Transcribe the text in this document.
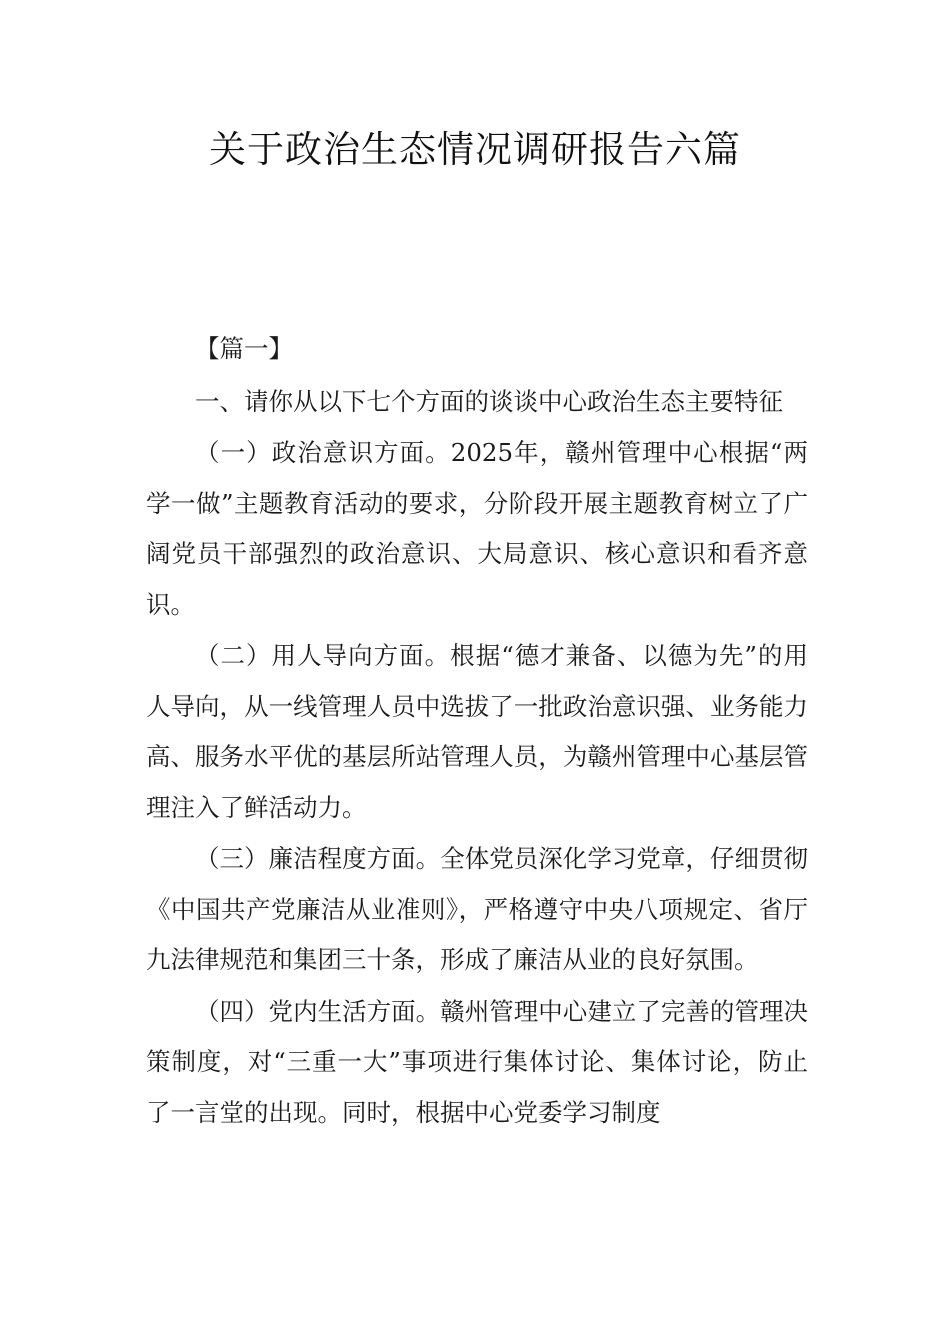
关于政治生态情况调研报告六篇

【篇一】

一、请你从以下七个方面的谈谈中心政治生态主要特征

（一）政治意识方面。2025年，赣州管理中心根据“两学一做”主题教育活动的要求，分阶段开展主题教育树立了广阔党员干部强烈的政治意识、大局意识、核心意识和看齐意识。

（二）用人导向方面。根据“德才兼备、以德为先”的用人导向，从一线管理人员中选拔了一批政治意识强、业务能力高、服务水平优的基层所站管理人员，为赣州管理中心基层管理注入了鲜活动力。

（三）廉洁程度方面。全体党员深化学习党章，仔细贯彻《中国共产党廉洁从业准则》，严格遵守中央八项规定、省厅九法律规范和集团三十条，形成了廉洁从业的良好氛围。

（四）党内生活方面。赣州管理中心建立了完善的管理决策制度，对“三重一大”事项进行集体讨论、集体讨论，防止了一言堂的出现。同时，根据中心党委学习制度
